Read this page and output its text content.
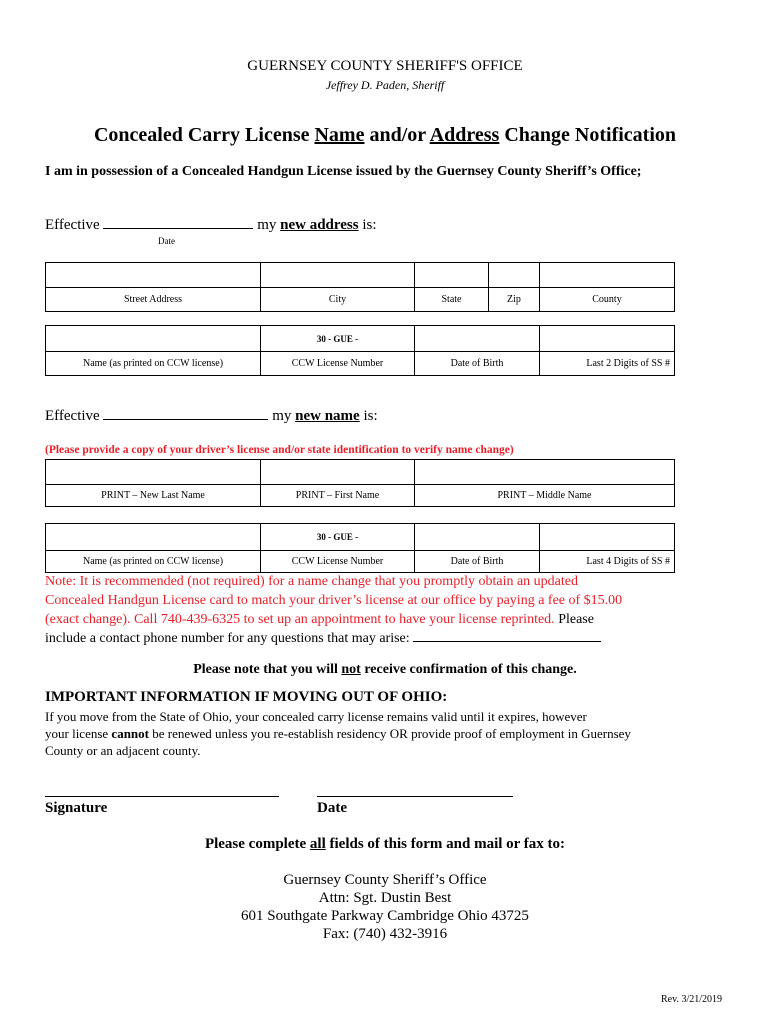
GUERNSEY COUNTY SHERIFF'S OFFICE
Jeffrey D. Paden, Sheriff
Concealed Carry License Name and/or Address Change Notification
I am in possession of a Concealed Handgun License issued by the Guernsey County Sheriff’s Office;
Effective	my new address is:
Date

Street Address	City	State	Zip	County
	30 - GUE -		
Name (as printed on CCW license)	CCW License Number	Date of Birth	Last 2 Digits of SS #
Effective	my new name is:
(Please provide a copy of your driver’s license and/or state identification to verify name change)

PRINT – New Last Name	PRINT – First Name	PRINT – Middle Name
	30 - GUE -		
Name (as printed on CCW license)	CCW License Number	Date of Birth	Last 4 Digits of SS #
Note: It is recommended (not required) for a name change that you promptly obtain an updated
Concealed Handgun License card to match your driver’s license at our office by paying a fee of $15.00
(exact change). Call 740-439-6325 to set up an appointment to have your license reprinted. Please
include a contact phone number for any questions that may arise:
Please note that you will not receive confirmation of this change.
IMPORTANT INFORMATION IF MOVING OUT OF OHIO:
If you move from the State of Ohio, your concealed carry license remains valid until it expires, however
your license cannot be renewed unless you re-establish residency OR provide proof of employment in Guernsey
County or an adjacent county.
Signature	Date
Please complete all fields of this form and mail or fax to:
Guernsey County Sheriff’s Office
Attn: Sgt. Dustin Best
601 Southgate Parkway Cambridge Ohio 43725
Fax: (740) 432-3916
Rev. 3/21/2019
